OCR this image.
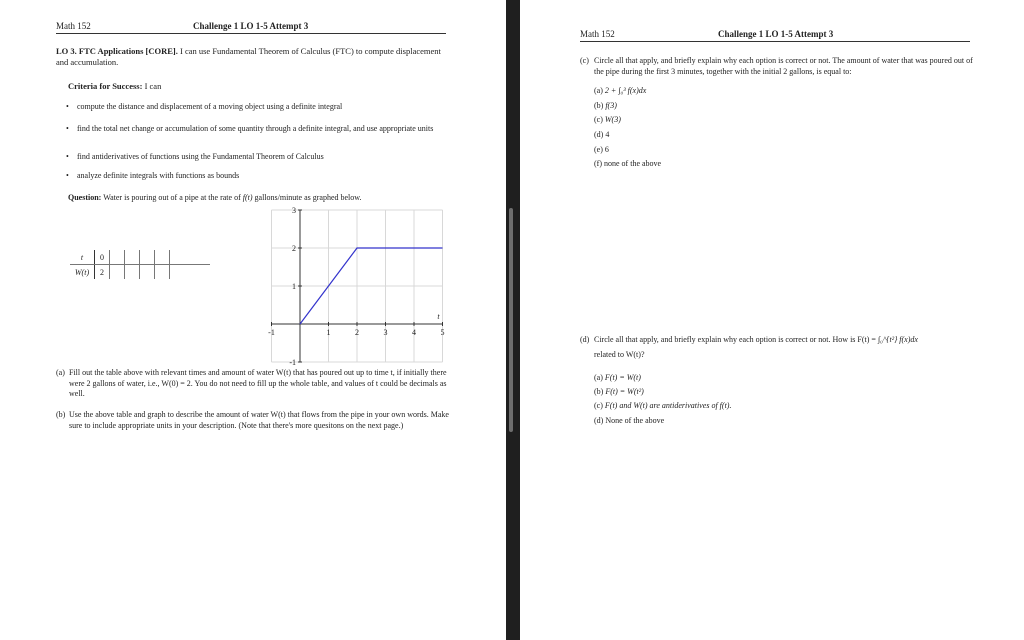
Math 152	Challenge 1 LO 1-5 Attempt 3
LO 3. FTC Applications [CORE]. I can use Fundamental Theorem of Calculus (FTC) to compute displacement and accumulation.
Criteria for Success: I can
• compute the distance and displacement of a moving object using a definite integral
• find the total net change or accumulation of some quantity through a definite integral, and use appropriate units
• find antiderivatives of functions using the Fundamental Theorem of Calculus
• analyze definite integrals with functions as bounds
Question: Water is pouring out of a pipe at the rate of f(t) gallons/minute as graphed below.
t	0					
W(t)	2					
-1	1	2	3	4	5
-1
1
2
3
t
(a) Fill out the table above with relevant times and amount of water W(t) that has poured out up to time t, if initially there were 2 gallons of water, i.e., W(0) = 2. You do not need to fill up the whole table, and values of t could be decimals as well.
(b) Use the above table and graph to describe the amount of water W(t) that flows from the pipe in your own words. Make sure to include appropriate units in your description. (Note that there's more quesitons on the next page.)
Math 152	Challenge 1 LO 1-5 Attempt 3
(c) Circle all that apply, and briefly explain why each option is correct or not. The amount of water that was poured out of the pipe during the first 3 minutes, together with the initial 2 gallons, is equal to:
(a) 2 + ∫₀³ f(x)dx
(b) f(3)
(c) W(3)
(d) 4
(e) 6
(f) none of the above
(d) Circle all that apply, and briefly explain why each option is correct or not. How is F(t) = ∫₀^{t²} f(x)dx
related to W(t)?
(a) F(t) = W(t)
(b) F(t) = W(t²)
(c) F(t) and W(t) are antiderivatives of f(t).
(d) None of the above
